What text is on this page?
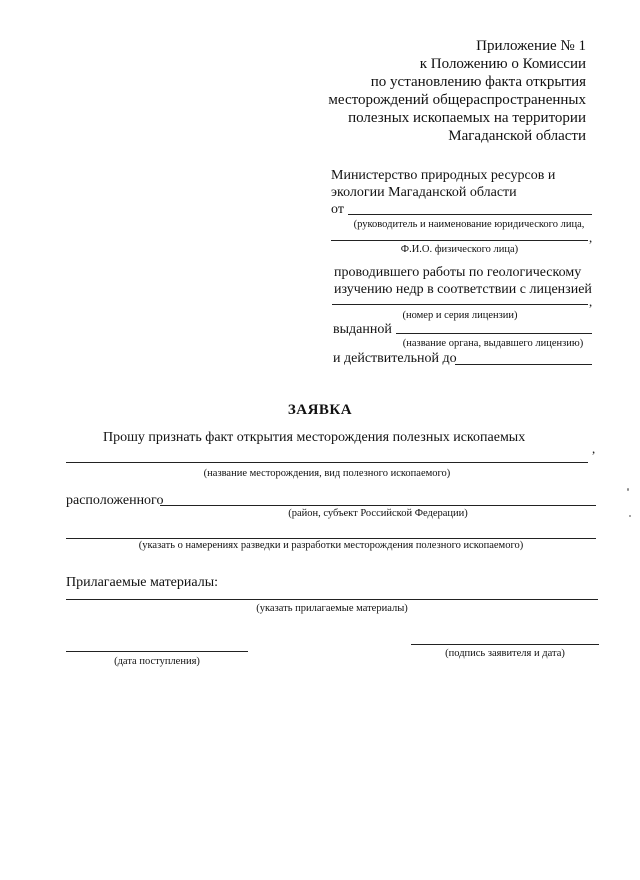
Приложение № 1
к Положению о Комиссии
по установлению факта открытия
месторождений общераспространенных
полезных ископаемых на территории
Магаданской области
Министерство природных ресурсов и
экологии Магаданской области
от
(руководитель и наименование юридического лица,
,
Ф.И.О. физического лица)
проводившего работы по геологическому
изучению недр в соответствии с лицензией
,
(номер и серия лицензии)
выданной
(название органа, выдавшего лицензию)
и действительной до
ЗАЯВКА
Прошу признать факт открытия месторождения полезных ископаемых
,
(название месторождения, вид полезного ископаемого)
расположенного
(район, субъект Российской Федерации)
(указать о намерениях разведки и разработки месторождения полезного ископаемого)
Прилагаемые материалы:
(указать прилагаемые материалы)
(дата поступления)
(подпись заявителя и дата)
